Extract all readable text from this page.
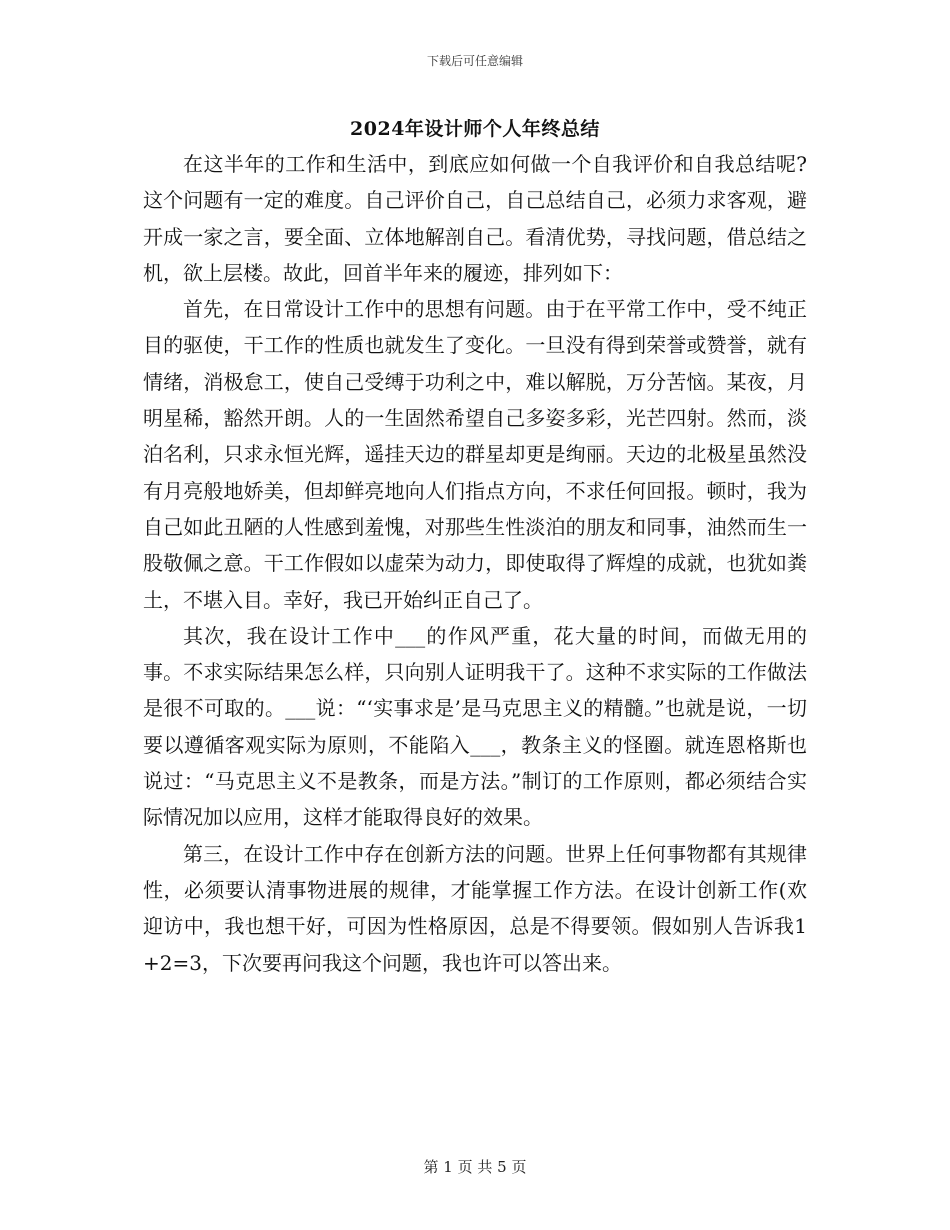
下载后可任意编辑
2024年设计师个人年终总结

在这半年的工作和生活中，到底应如何做一个自我评价和自我总结呢?这个问题有一定的难度。自己评价自己，自己总结自己，必须力求客观，避开成一家之言，要全面、立体地解剖自己。看清优势，寻找问题，借总结之机，欲上层楼。故此，回首半年来的履迹，排列如下：

首先，在日常设计工作中的思想有问题。由于在平常工作中，受不纯正目的驱使，干工作的性质也就发生了变化。一旦没有得到荣誉或赞誉，就有情绪，消极怠工，使自己受缚于功利之中，难以解脱，万分苦恼。某夜，月明星稀，豁然开朗。人的一生固然希望自己多姿多彩，光芒四射。然而，淡泊名利，只求永恒光辉，遥挂天边的群星却更是绚丽。天边的北极星虽然没有月亮般地娇美，但却鲜亮地向人们指点方向，不求任何回报。顿时，我为自己如此丑陋的人性感到羞愧，对那些生性淡泊的朋友和同事，油然而生一股敬佩之意。干工作假如以虚荣为动力，即使取得了辉煌的成就，也犹如粪土，不堪入目。幸好，我已开始纠正自己了。

其次，我在设计工作中___的作风严重，花大量的时间，而做无用的事。不求实际结果怎么样，只向别人证明我干了。这种不求实际的工作做法是很不可取的。___说：“‘实事求是’是马克思主义的精髓。”也就是说，一切要以遵循客观实际为原则，不能陷入___，教条主义的怪圈。就连恩格斯也说过：“马克思主义不是教条，而是方法。”制订的工作原则，都必须结合实际情况加以应用，这样才能取得良好的效果。

第三，在设计工作中存在创新方法的问题。世界上任何事物都有其规律性，必须要认清事物进展的规律，才能掌握工作方法。在设计创新工作(欢迎访中，我也想干好，可因为性格原因，总是不得要领。假如别人告诉我1+2=3，下次要再问我这个问题，我也许可以答出来。

第 1 页 共 5 页
